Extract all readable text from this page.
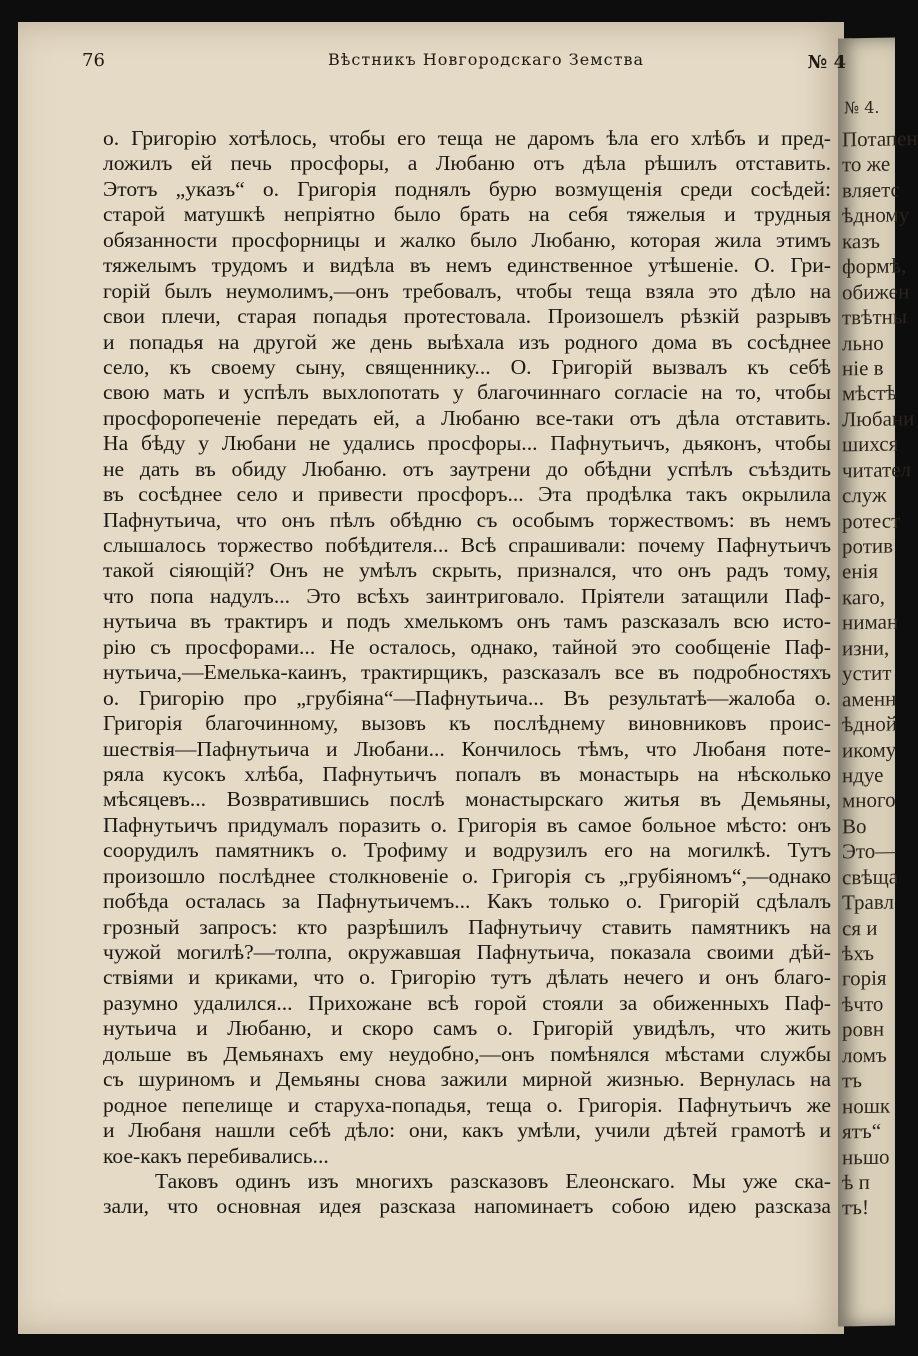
№ 4.
Потапен
то же
вляетс
ѣдному
казъ
формѣ,
обижен
твѣтны
льно
ніе в
мѣстѣ
Любани
шихся
читател
служ
ротест
ротив
енія
каго,
ниман
изни,
устит
аменн
ѣдной
икому
ндуе
много
Во
Это—
свѣща
Травл
ся и
ѣхъ
горія
ѣчто
ровн
ломъ
тъ
ношк
ятъ“
ньшо
ѣ п
тъ!
76	Вѣстникъ Новгородскаго Земства	№ 4
о. Григорію хотѣлось, чтобы его теща не даромъ ѣла его хлѣбъ и пред-
ложилъ ей печь просфоры, а Любаню отъ дѣла рѣшилъ отставить.
Этотъ „указъ“ о. Григорія поднялъ бурю возмущенія среди сосѣдей:
старой матушкѣ непріятно было брать на себя тяжелыя и трудныя
обязанности просфорницы и жалко было Любаню, которая жила этимъ
тяжелымъ трудомъ и видѣла въ немъ единственное утѣшеніе. О. Гри-
горій былъ неумолимъ,—онъ требовалъ, чтобы теща взяла это дѣло на
свои плечи, старая попадья протестовала. Произошелъ рѣзкій разрывъ
и попадья на другой же день выѣхала изъ родного дома въ сосѣднее
село, къ своему сыну, священнику... О. Григорій вызвалъ къ себѣ
свою мать и успѣлъ выхлопотать у благочиннаго согласіе на то, чтобы
просфоропеченіе передать ей, а Любаню все-таки отъ дѣла отставить.
На бѣду у Любани не удались просфоры... Пафнутьичъ, дьяконъ, чтобы
не дать въ обиду Любаню. отъ заутрени до обѣдни успѣлъ съѣздить
въ сосѣднее село и привести просфоръ... Эта продѣлка такъ окрылила
Пафнутьича, что онъ пѣлъ обѣдню съ особымъ торжествомъ: въ немъ
слышалось торжество побѣдителя... Всѣ спрашивали: почему Пафнутьичъ
такой сіяющій? Онъ не умѣлъ скрыть, признался, что онъ радъ тому,
что попа надулъ... Это всѣхъ заинтриговало. Пріятели затащили Паф-
нутьича въ трактиръ и подъ хмелькомъ онъ тамъ разсказалъ всю исто-
рію съ просфорами... Не осталось, однако, тайной это сообщеніе Паф-
нутьича,—Емелька-каинъ, трактирщикъ, разсказалъ все въ подробностяхъ
о. Григорію про „грубіяна“—Пафнутьича... Въ результатѣ—жалоба о.
Григорія благочинному, вызовъ къ послѣднему виновниковъ проис-
шествія—Пафнутьича и Любани... Кончилось тѣмъ, что Любаня поте-
ряла кусокъ хлѣба, Пафнутьичъ попалъ въ монастырь на нѣсколько
мѣсяцевъ... Возвратившись послѣ монастырскаго житья въ Демьяны,
Пафнутьичъ придумалъ поразить о. Григорія въ самое больное мѣсто: онъ
соорудилъ памятникъ о. Трофиму и водрузилъ его на могилкѣ. Тутъ
произошло послѣднее столкновеніе о. Григорія съ „грубіяномъ“,—однако
побѣда осталась за Пафнутьичемъ... Какъ только о. Григорій сдѣлалъ
грозный запросъ: кто разрѣшилъ Пафнутьичу ставить памятникъ на
чужой могилѣ?—толпа, окружавшая Пафнутьича, показала своими дѣй-
ствіями и криками, что о. Григорію тутъ дѣлать нечего и онъ благо-
разумно удалился... Прихожане всѣ горой стояли за обиженныхъ Паф-
нутьича и Любаню, и скоро самъ о. Григорій увидѣлъ, что жить
дольше въ Демьянахъ ему неудобно,—онъ помѣнялся мѣстами службы
съ шуриномъ и Демьяны снова зажили мирной жизнью. Вернулась на
родное пепелище и старуха-попадья, теща о. Григорія. Пафнутьичъ же
и Любаня нашли себѣ дѣло: они, какъ умѣли, учили дѣтей грамотѣ и
кое-какъ перебивались...
Таковъ одинъ изъ многихъ разсказовъ Елеонскаго. Мы уже ска-
зали, что основная идея разсказа напоминаетъ собою идею разсказа
